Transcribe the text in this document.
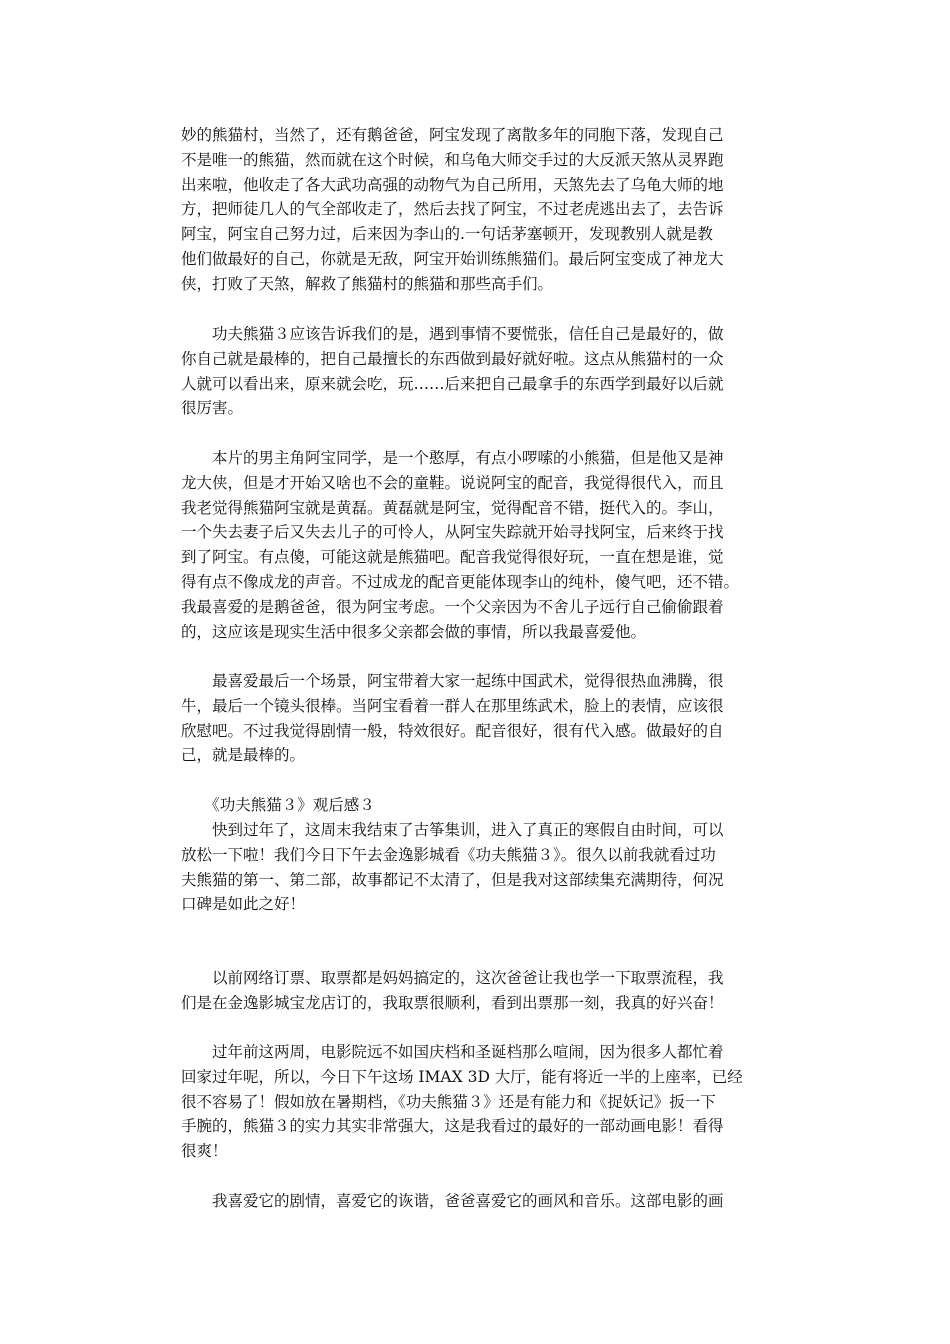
妙的熊猫村，当然了，还有鹅爸爸，阿宝发现了离散多年的同胞下落，发现自己
不是唯一的熊猫，然而就在这个时候，和乌龟大师交手过的大反派天煞从灵界跑
出来啦，他收走了各大武功高强的动物气为自己所用，天煞先去了乌龟大师的地
方，把师徒几人的气全部收走了，然后去找了阿宝，不过老虎逃出去了，去告诉
阿宝，阿宝自己努力过，后来因为李山的.一句话茅塞顿开，发现教别人就是教
他们做最好的自己，你就是无敌，阿宝开始训练熊猫们。最后阿宝变成了神龙大
侠，打败了天煞，解救了熊猫村的熊猫和那些高手们。

　　功夫熊猫３应该告诉我们的是，遇到事情不要慌张，信任自己是最好的，做
你自己就是最棒的，把自己最擅长的东西做到最好就好啦。这点从熊猫村的一众
人就可以看出来，原来就会吃，玩……后来把自己最拿手的东西学到最好以后就
很厉害。

　　本片的男主角阿宝同学，是一个憨厚，有点小啰嗦的小熊猫，但是他又是神
龙大侠，但是才开始又啥也不会的童鞋。说说阿宝的配音，我觉得很代入，而且
我老觉得熊猫阿宝就是黄磊。黄磊就是阿宝，觉得配音不错，挺代入的。李山，
一个失去妻子后又失去儿子的可怜人，从阿宝失踪就开始寻找阿宝，后来终于找
到了阿宝。有点傻，可能这就是熊猫吧。配音我觉得很好玩，一直在想是谁，觉
得有点不像成龙的声音。不过成龙的配音更能体现李山的纯朴，傻气吧，还不错。
我最喜爱的是鹅爸爸，很为阿宝考虑。一个父亲因为不舍儿子远行自己偷偷跟着
的，这应该是现实生活中很多父亲都会做的事情，所以我最喜爱他。

　　最喜爱最后一个场景，阿宝带着大家一起练中国武术，觉得很热血沸腾，很
牛，最后一个镜头很棒。当阿宝看着一群人在那里练武术，脸上的表情，应该很
欣慰吧。不过我觉得剧情一般，特效很好。配音很好，很有代入感。做最好的自
己，就是最棒的。

　　《功夫熊猫３》观后感３

　　快到过年了，这周末我结束了古筝集训，进入了真正的寒假自由时间，可以
放松一下啦！我们今日下午去金逸影城看《功夫熊猫３》。很久以前我就看过功
夫熊猫的第一、第二部，故事都记不太清了，但是我对这部续集充满期待，何况
口碑是如此之好！

　　以前网络订票、取票都是妈妈搞定的，这次爸爸让我也学一下取票流程，我
们是在金逸影城宝龙店订的，我取票很顺利，看到出票那一刻，我真的好兴奋！

　　过年前这两周，电影院远不如国庆档和圣诞档那么喧闹，因为很多人都忙着
回家过年呢，所以，今日下午这场 IMAX 3D 大厅，能有将近一半的上座率，已经
很不容易了！假如放在暑期档，《功夫熊猫３》还是有能力和《捉妖记》扳一下
手腕的，熊猫３的实力其实非常强大，这是我看过的最好的一部动画电影！看得
很爽！

　　我喜爱它的剧情，喜爱它的诙谐，爸爸喜爱它的画风和音乐。这部电影的画
